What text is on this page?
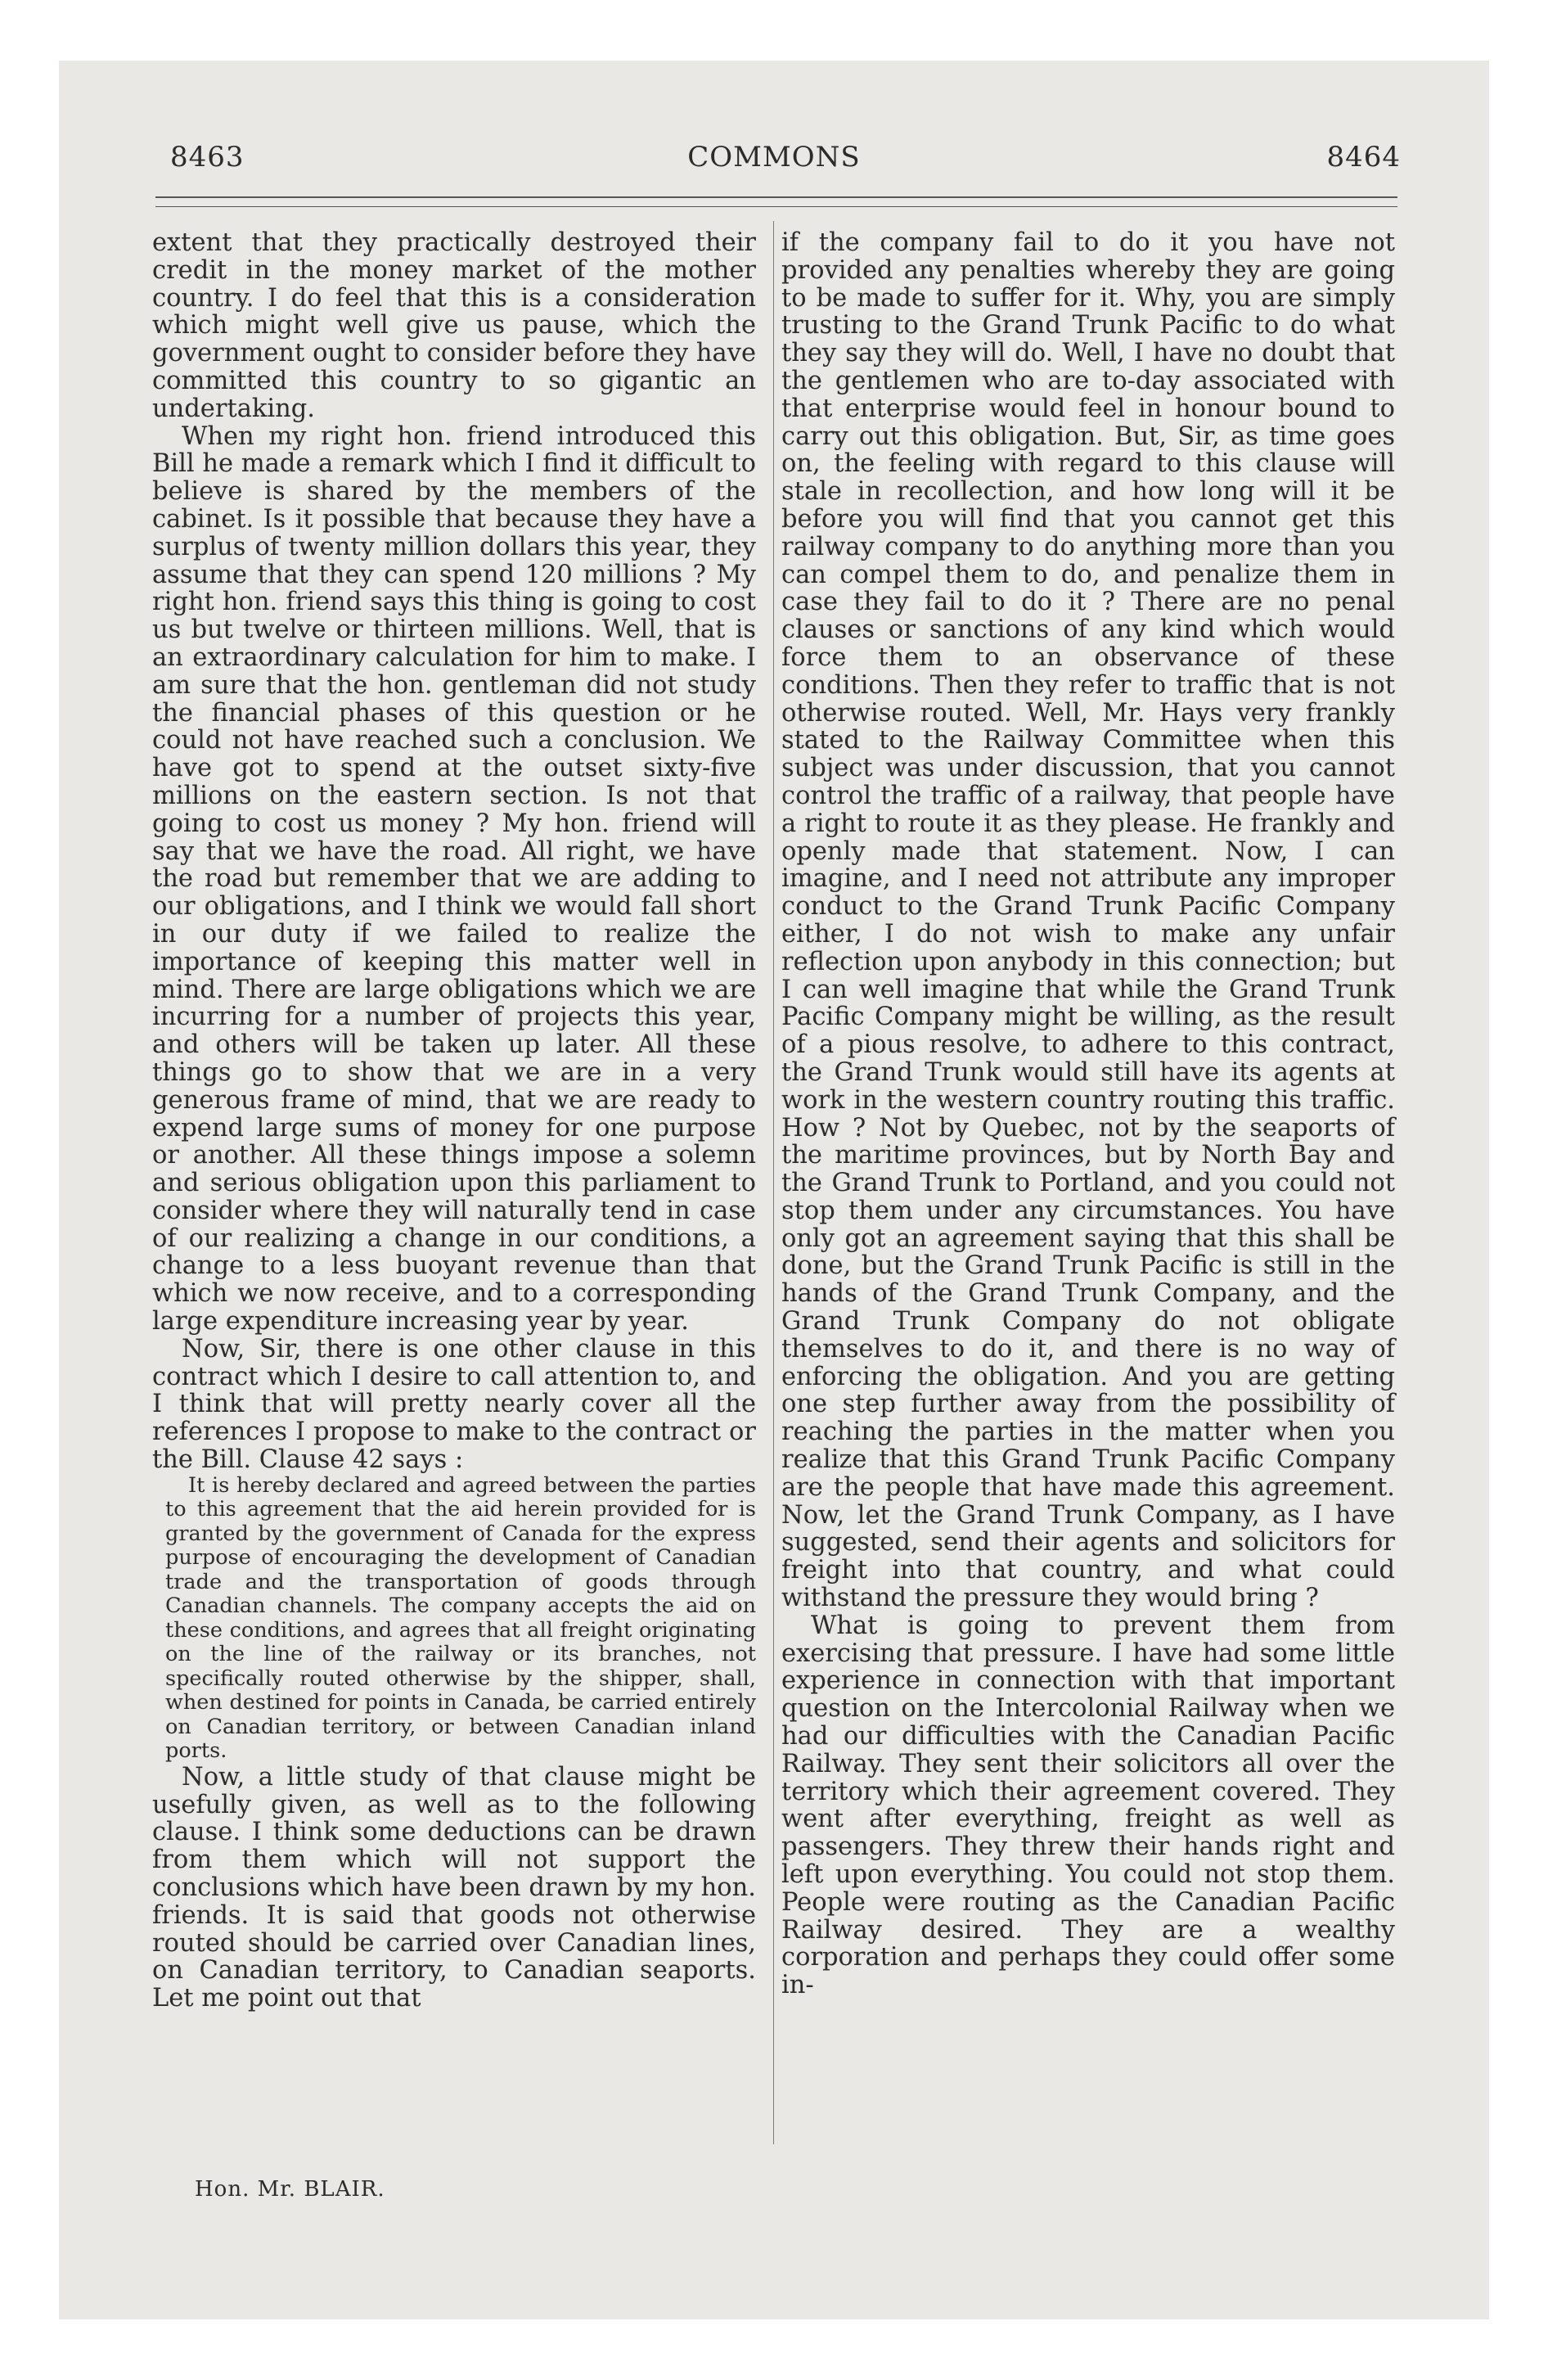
8463	COMMONS	8464

extent that they practically destroyed their credit in the money market of the mother country. I do feel that this is a consideration which might well give us pause, which the government ought to consider before they have committed this country to so gigantic an undertaking.

When my right hon. friend introduced this Bill he made a remark which I find it difficult to believe is shared by the members of the cabinet. Is it possible that because they have a surplus of twenty million dollars this year, they assume that they can spend 120 millions ? My right hon. friend says this thing is going to cost us but twelve or thirteen millions. Well, that is an extraordinary calculation for him to make. I am sure that the hon. gentleman did not study the financial phases of this question or he could not have reached such a conclusion. We have got to spend at the outset sixty-five millions on the eastern section. Is not that going to cost us money ? My hon. friend will say that we have the road. All right, we have the road but remember that we are adding to our obligations, and I think we would fall short in our duty if we failed to realize the importance of keeping this matter well in mind. There are large obligations which we are incurring for a number of projects this year, and others will be taken up later. All these things go to show that we are in a very generous frame of mind, that we are ready to expend large sums of money for one purpose or another. All these things impose a solemn and serious obligation upon this parliament to consider where they will naturally tend in case of our realizing a change in our conditions, a change to a less buoyant revenue than that which we now receive, and to a corresponding large expenditure increasing year by year.

Now, Sir, there is one other clause in this contract which I desire to call attention to, and I think that will pretty nearly cover all the references I propose to make to the contract or the Bill. Clause 42 says :

It is hereby declared and agreed between the parties to this agreement that the aid herein provided for is granted by the government of Canada for the express purpose of encouraging the development of Canadian trade and the transportation of goods through Canadian channels. The company accepts the aid on these conditions, and agrees that all freight originating on the line of the railway or its branches, not specifically routed otherwise by the shipper, shall, when destined for points in Canada, be carried entirely on Canadian territory, or between Canadian inland ports.

Now, a little study of that clause might be usefully given, as well as to the following clause. I think some deductions can be drawn from them which will not support the conclusions which have been drawn by my hon. friends. It is said that goods not otherwise routed should be carried over Canadian lines, on Canadian territory, to Canadian seaports. Let me point out that

if the company fail to do it you have not provided any penalties whereby they are going to be made to suffer for it. Why, you are simply trusting to the Grand Trunk Pacific to do what they say they will do. Well, I have no doubt that the gentlemen who are to-day associated with that enterprise would feel in honour bound to carry out this obligation. But, Sir, as time goes on, the feeling with regard to this clause will stale in recollection, and how long will it be before you will find that you cannot get this railway company to do anything more than you can compel them to do, and penalize them in case they fail to do it ? There are no penal clauses or sanctions of any kind which would force them to an observance of these conditions. Then they refer to traffic that is not otherwise routed. Well, Mr. Hays very frankly stated to the Railway Committee when this subject was under discussion, that you cannot control the traffic of a railway, that people have a right to route it as they please. He frankly and openly made that statement. Now, I can imagine, and I need not attribute any improper conduct to the Grand Trunk Pacific Company either, I do not wish to make any unfair reflection upon anybody in this connection; but I can well imagine that while the Grand Trunk Pacific Company might be willing, as the result of a pious resolve, to adhere to this contract, the Grand Trunk would still have its agents at work in the western country routing this traffic. How ? Not by Quebec, not by the seaports of the maritime provinces, but by North Bay and the Grand Trunk to Portland, and you could not stop them under any circumstances. You have only got an agreement saying that this shall be done, but the Grand Trunk Pacific is still in the hands of the Grand Trunk Company, and the Grand Trunk Company do not obligate themselves to do it, and there is no way of enforcing the obligation. And you are getting one step further away from the possibility of reaching the parties in the matter when you realize that this Grand Trunk Pacific Company are the people that have made this agreement. Now, let the Grand Trunk Company, as I have suggested, send their agents and solicitors for freight into that country, and what could withstand the pressure they would bring ?

What is going to prevent them from exercising that pressure. I have had some little experience in connection with that important question on the Intercolonial Railway when we had our difficulties with the Canadian Pacific Railway. They sent their solicitors all over the territory which their agreement covered. They went after everything, freight as well as passengers. They threw their hands right and left upon everything. You could not stop them. People were routing as the Canadian Pacific Railway desired. They are a wealthy corporation and perhaps they could offer some in-

Hon. Mr. BLAIR.
